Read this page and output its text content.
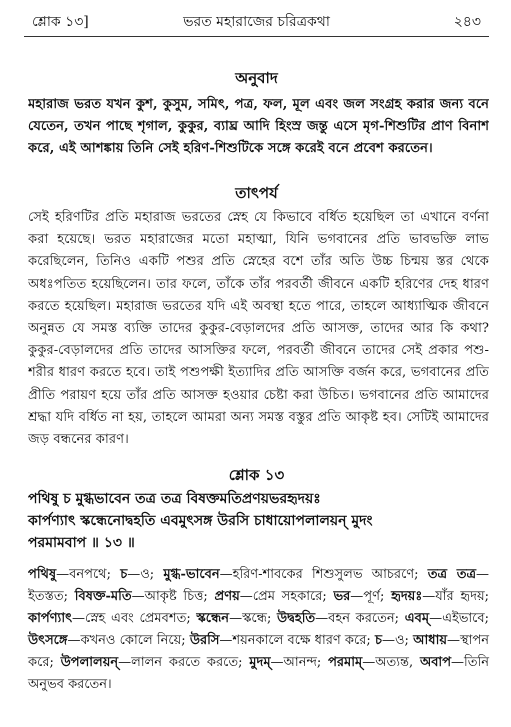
শ্লোক ১৩]	ভরত মহারাজের চরিত্রকথা	২৪৩
অনুবাদ
মহারাজ ভরত যখন কুশ, কুসুম, সমিৎ, পত্র, ফল, মূল এবং জল সংগ্রহ করার জন্য বনে যেতেন, তখন পাছে শৃগাল, কুকুর, ব্যাঘ্র আদি হিংস্র জন্তু এসে মৃগ-শিশুটির প্রাণ বিনাশ করে, এই আশঙ্কায় তিনি সেই হরিণ-শিশুটিকে সঙ্গে করেই বনে প্রবেশ করতেন।
তাৎপর্য
সেই হরিণটির প্রতি মহারাজ ভরতের স্নেহ যে কিভাবে বর্ধিত হয়েছিল তা এখানে বর্ণনা করা হয়েছে। ভরত মহারাজের মতো মহাত্মা, যিনি ভগবানের প্রতি ভাবভক্তি লাভ করেছিলেন, তিনিও একটি পশুর প্রতি স্নেহের বশে তাঁর অতি উচ্চ চিন্ময় স্তর থেকে অধঃপতিত হয়েছিলেন। তার ফলে, তাঁকে তাঁর পরবর্তী জীবনে একটি হরিণের দেহ ধারণ করতে হয়েছিল। মহারাজ ভরতের যদি এই অবস্থা হতে পারে, তাহলে আধ্যাত্মিক জীবনে অনুন্নত যে সমস্ত ব্যক্তি তাদের কুকুর-বেড়ালদের প্রতি আসক্ত, তাদের আর কি কথা? কুকুর-বেড়ালদের প্রতি তাদের আসক্তির ফলে, পরবর্তী জীবনে তাদের সেই প্রকার পশু-শরীর ধারণ করতে হবে। তাই পশুপক্ষী ইত্যাদির প্রতি আসক্তি বর্জন করে, ভগবানের প্রতি প্রীতি পরায়ণ হয়ে তাঁর প্রতি আসক্ত হওয়ার চেষ্টা করা উচিত। ভগবানের প্রতি আমাদের শ্রদ্ধা যদি বর্ধিত না হয়, তাহলে আমরা অন্য সমস্ত বস্তুর প্রতি আকৃষ্ট হব। সেটিই আমাদের জড় বন্ধনের কারণ।
শ্লোক ১৩
পথিষু চ মুগ্ধভাবেন তত্র তত্র বিষক্তমতিপ্রণয়ভরহৃদয়ঃ
কার্পণ্যাৎ স্কন্ধেনোদ্বহতি এবমুৎসঙ্গ উরসি চাধায়োপলালয়ন্ মুদং
পরমামবাপ ॥ ১৩ ॥
পথিষু—বনপথে; চ—ও; মুগ্ধ-ভাবেন—হরিণ-শাবকের শিশুসুলভ আচরণে; তত্র তত্র—ইতস্তত; বিষক্ত-মতি—আকৃষ্ট চিত্ত; প্রণয়—প্রেম সহকারে; ভর—পূর্ণ; হৃদয়ঃ—যাঁর হৃদয়; কার্পণ্যাৎ—স্নেহ এবং প্রেমবশত; স্কন্ধেন—স্কন্ধে; উদ্বহতি—বহন করতেন; এবম্—এইভাবে; উৎসঙ্গে—কখনও কোলে নিয়ে; উরসি—শয়নকালে বক্ষে ধারণ করে; চ—ও; আধায়—স্থাপন করে; উপলালয়ন্—লালন করতে করতে; মুদম্—আনন্দ; পরমাম্—অত্যন্ত, অবাপ—তিনি অনুভব করতেন।
